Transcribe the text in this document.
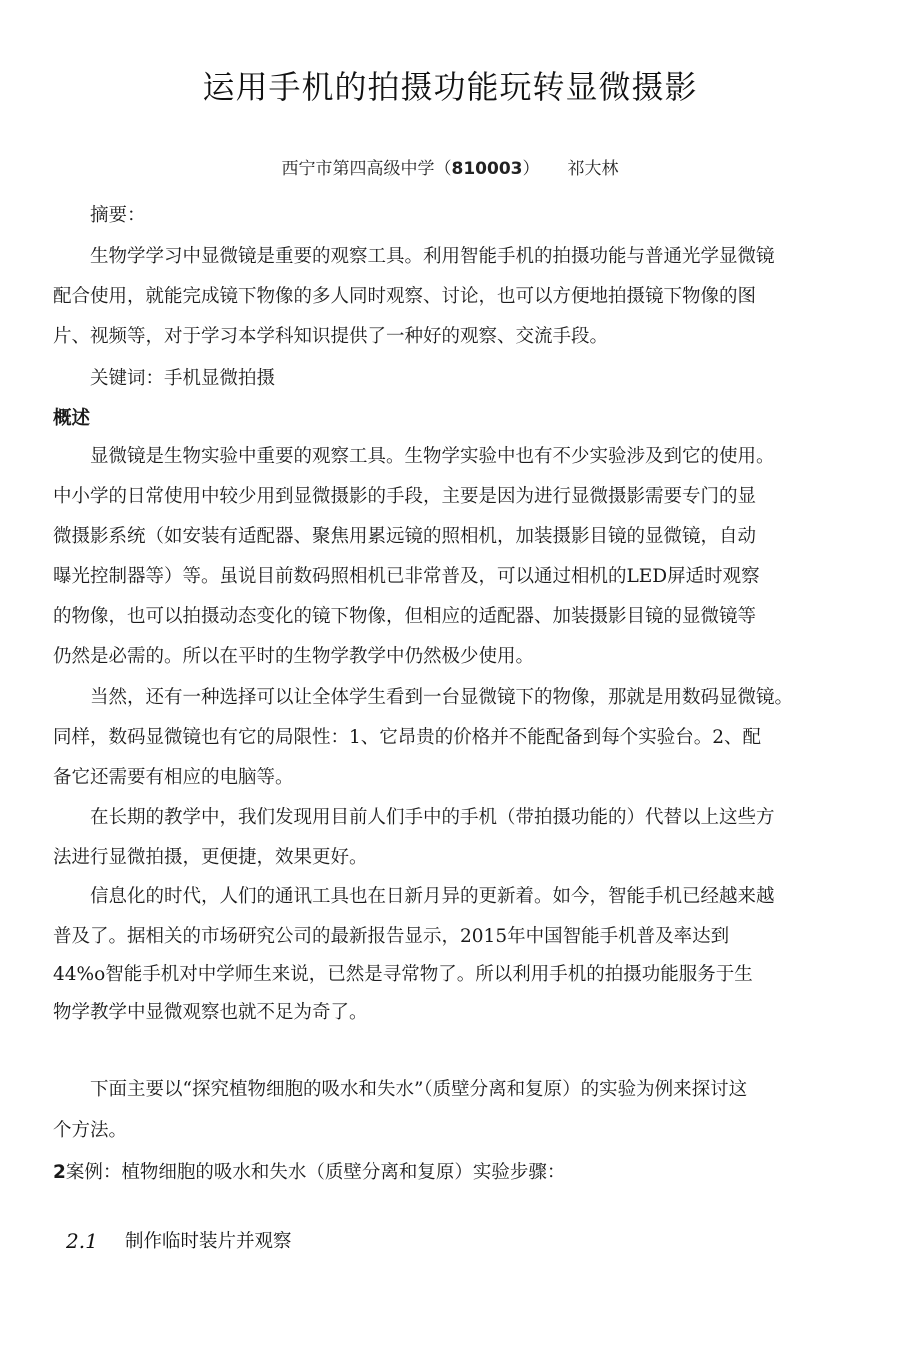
运用手机的拍摄功能玩转显微摄影
西宁市第四高级中学（810003） 祁大林
摘要：
生物学学习中显微镜是重要的观察工具。利用智能手机的拍摄功能与普通光学显微镜
配合使用，就能完成镜下物像的多人同时观察、讨论，也可以方便地拍摄镜下物像的图
片、视频等，对于学习本学科知识提供了一种好的观察、交流手段。
关键词：手机显微拍摄
概述
显微镜是生物实验中重要的观察工具。生物学实验中也有不少实验涉及到它的使用。
中小学的日常使用中较少用到显微摄影的手段，主要是因为进行显微摄影需要专门的显
微摄影系统（如安装有适配器、聚焦用累远镜的照相机，加装摄影目镜的显微镜，自动
曝光控制器等）等。虽说目前数码照相机已非常普及，可以通过相机的LED屏适时观察
的物像，也可以拍摄动态变化的镜下物像，但相应的适配器、加装摄影目镜的显微镜等
仍然是必需的。所以在平时的生物学教学中仍然极少使用。
当然，还有一种选择可以让全体学生看到一台显微镜下的物像，那就是用数码显微镜。
同样，数码显微镜也有它的局限性：1、它昂贵的价格并不能配备到每个实验台。2、配
备它还需要有相应的电脑等。
在长期的教学中，我们发现用目前人们手中的手机（带拍摄功能的）代替以上这些方
法进行显微拍摄，更便捷，效果更好。
信息化的时代，人们的通讯工具也在日新月异的更新着。如今，智能手机已经越来越
普及了。据相关的市场研究公司的最新报告显示，2015年中国智能手机普及率达到
44%o智能手机对中学师生来说，已然是寻常物了。所以利用手机的拍摄功能服务于生
物学教学中显微观察也就不足为奇了。
下面主要以“探究植物细胞的吸水和失水”（质壁分离和复原）的实验为例来探讨这
个方法。
2案例：植物细胞的吸水和失水（质壁分离和复原）实验步骤：
2.1 制作临时装片并观察
